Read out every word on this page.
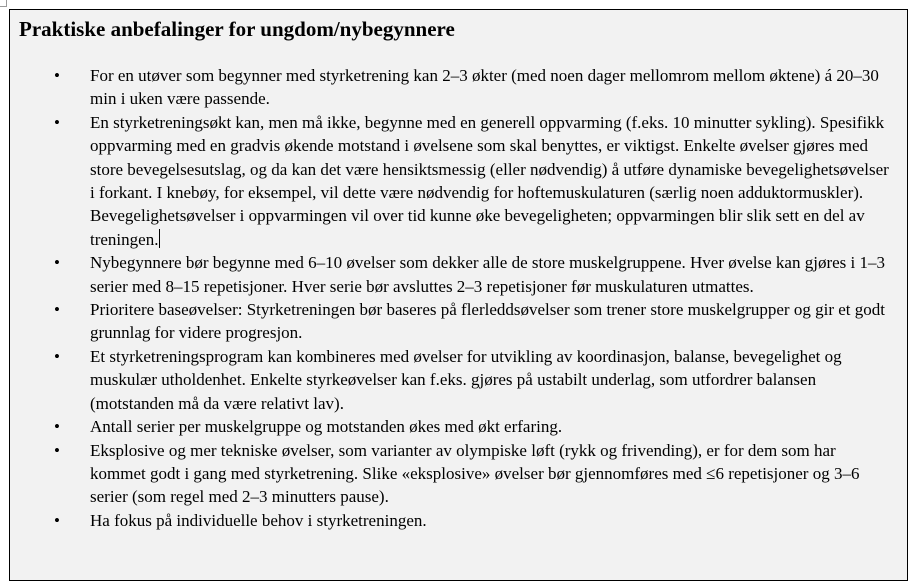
Praktiske anbefalinger for ungdom/nybegynnere
• For en utøver som begynner med styrketrening kan 2–3 økter (med noen dager mellomrom mellom øktene) á 20–30 min i uken være passende.
• En styrketreningsøkt kan, men må ikke, begynne med en generell oppvarming (f.eks. 10 minutter sykling). Spesifikk oppvarming med en gradvis økende motstand i øvelsene som skal benyttes, er viktigst. Enkelte øvelser gjøres med store bevegelsesutslag, og da kan det være hensiktsmessig (eller nødvendig) å utføre dynamiske bevegelighetsøvelser i forkant. I knebøy, for eksempel, vil dette være nødvendig for hoftemuskulaturen (særlig noen adduktormuskler). Bevegelighetsøvelser i oppvarmingen vil over tid kunne øke bevegeligheten; oppvarmingen blir slik sett en del av treningen.
• Nybegynnere bør begynne med 6–10 øvelser som dekker alle de store muskelgruppene. Hver øvelse kan gjøres i 1–3 serier med 8–15 repetisjoner. Hver serie bør avsluttes 2–3 repetisjoner før muskulaturen utmattes.
• Prioritere baseøvelser: Styrketreningen bør baseres på flerleddsøvelser som trener store muskelgrupper og gir et godt grunnlag for videre progresjon.
• Et styrketreningsprogram kan kombineres med øvelser for utvikling av koordinasjon, balanse, bevegelighet og muskulær utholdenhet. Enkelte styrkeøvelser kan f.eks. gjøres på ustabilt underlag, som utfordrer balansen (motstanden må da være relativt lav).
• Antall serier per muskelgruppe og motstanden økes med økt erfaring.
• Eksplosive og mer tekniske øvelser, som varianter av olympiske løft (rykk og frivending), er for dem som har kommet godt i gang med styrketrening. Slike «eksplosive» øvelser bør gjennomføres med ≤6 repetisjoner og 3–6 serier (som regel med 2–3 minutters pause).
• Ha fokus på individuelle behov i styrketreningen.
